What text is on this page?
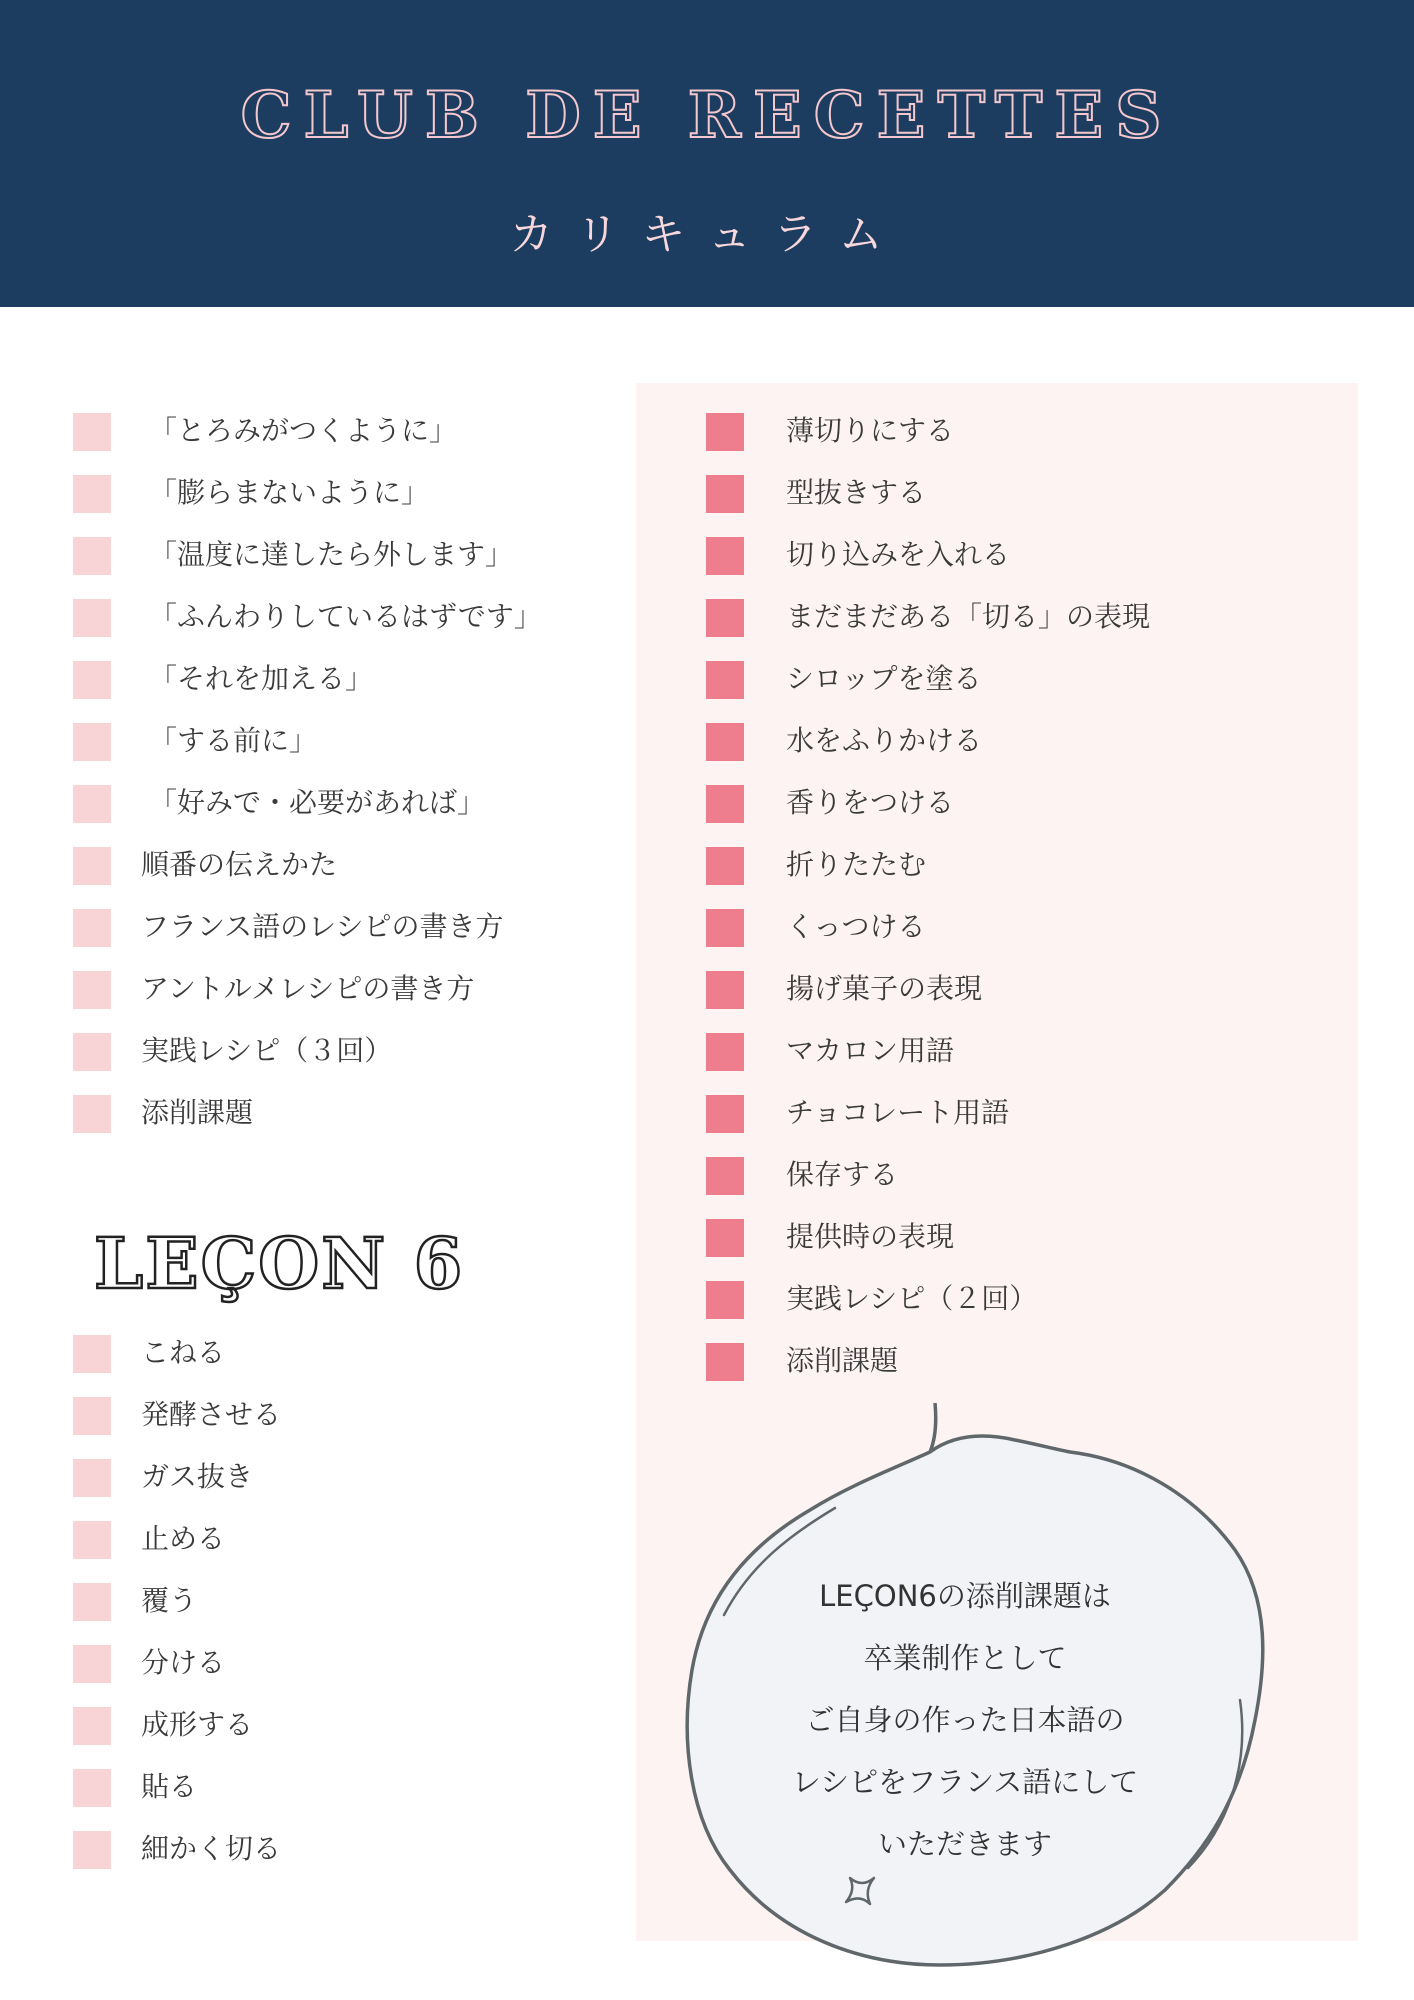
CLUB DE RECETTES
カリキュラム
「とろみがつくように」
「膨らまないように」
「温度に達したら外します」
「ふんわりしているはずです」
「それを加える」
「する前に」
「好みで・必要があれば」
順番の伝えかた
フランス語のレシピの書き方
アントルメレシピの書き方
実践レシピ（３回）
添削課題
LEÇON 6
こねる
発酵させる
ガス抜き
止める
覆う
分ける
成形する
貼る
細かく切る
薄切りにする
型抜きする
切り込みを入れる
まだまだある「切る」の表現
シロップを塗る
水をふりかける
香りをつける
折りたたむ
くっつける
揚げ菓子の表現
マカロン用語
チョコレート用語
保存する
提供時の表現
実践レシピ（２回）
添削課題
LEÇON6の添削課題は
卒業制作として
ご自身の作った日本語の
レシピをフランス語にして
いただきます
